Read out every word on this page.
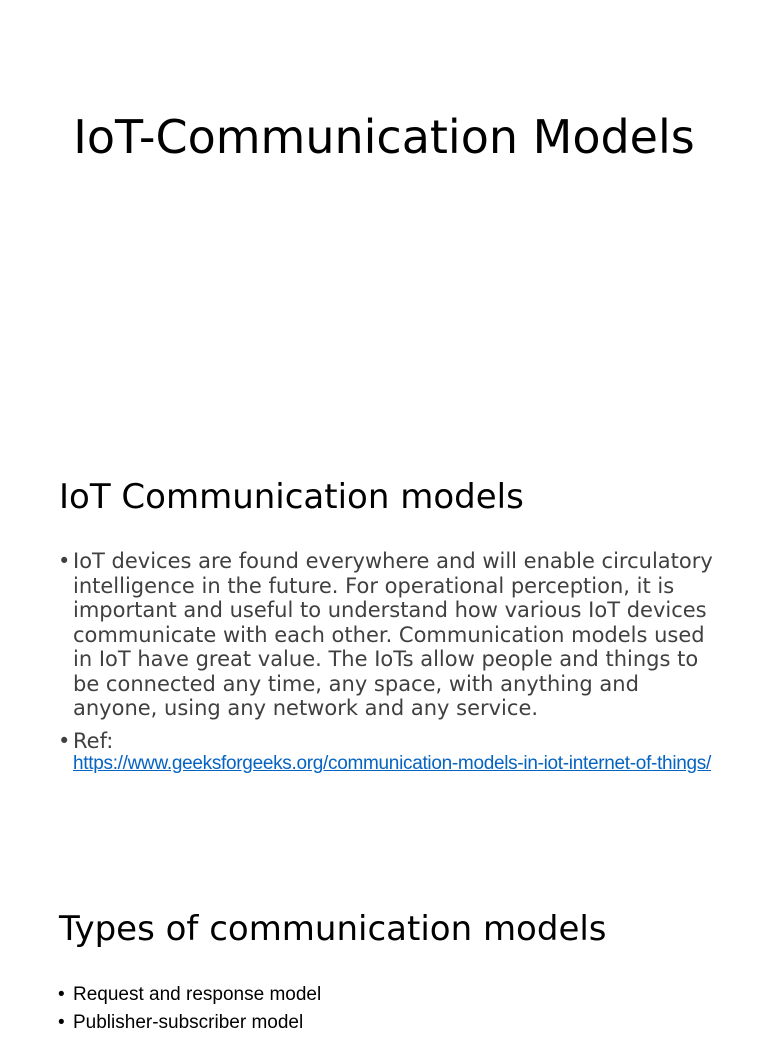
IoT-Communication Models
IoT Communication models
• IoT devices are found everywhere and will enable circulatory intelligence in the future. For operational perception, it is important and useful to understand how various IoT devices communicate with each other. Communication models used in IoT have great value. The IoTs allow people and things to be connected any time, any space, with anything and anyone, using any network and any service.
• Ref:
https://www.geeksforgeeks.org/communication-models-in-iot-internet-of-things/
Types of communication models
• Request and response model
• Publisher-subscriber model
